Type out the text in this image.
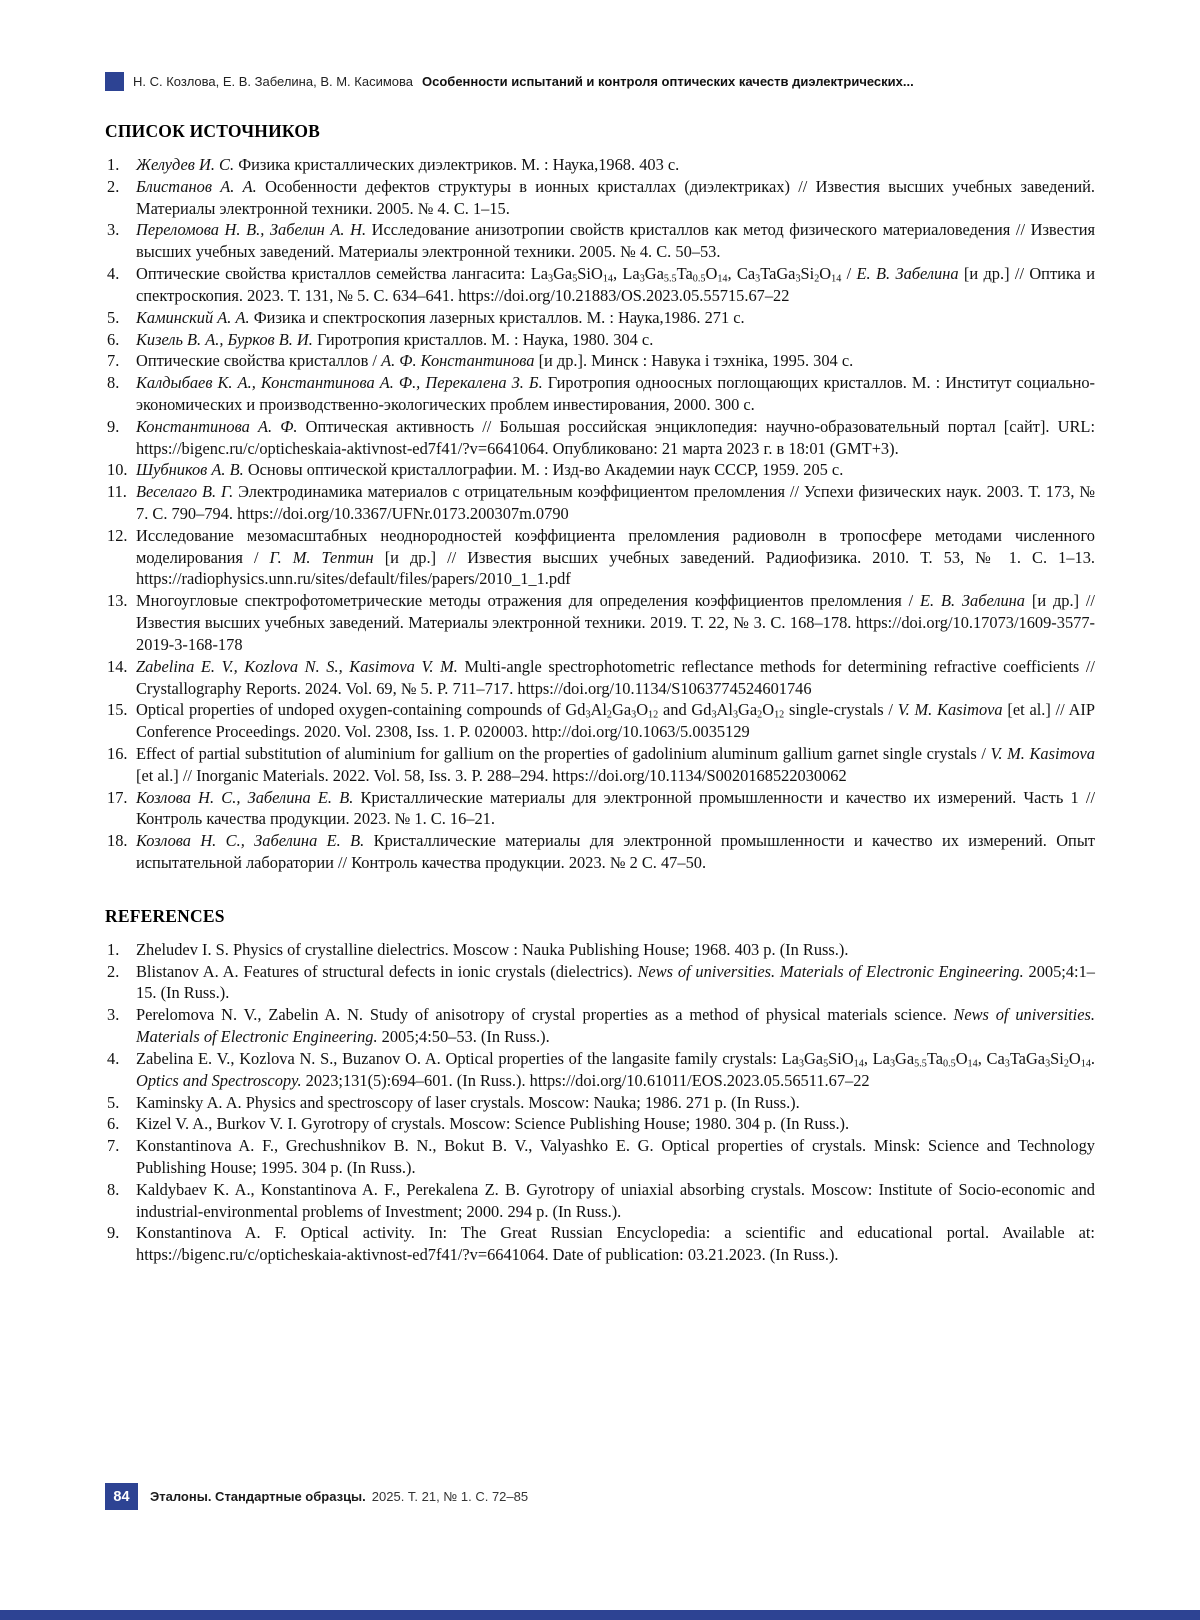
Н. С. Козлова, Е. В. Забелина, В. М. Касимова Особенности испытаний и контроля оптических качеств диэлектрических...
СПИСОК ИСТОЧНИКОВ
1. Желудев И. С. Физика кристаллических диэлектриков. М. : Наука,1968. 403 с.
2. Блистанов А. А. Особенности дефектов структуры в ионных кристаллах (диэлектриках) // Известия высших учебных заведений. Материалы электронной техники. 2005. № 4. С. 1–15.
3. Переломова Н. В., Забелин А. Н. Исследование анизотропии свойств кристаллов как метод физического материаловедения // Известия высших учебных заведений. Материалы электронной техники. 2005. № 4. С. 50–53.
4. Оптические свойства кристаллов семейства лангасита: $La_3Ga_5SiO_{14}$, $La_3Ga_{5.5}Ta_{0.5}O_{14}$, $Ca_3TaGa_3Si_2O_{14}$ / Е. В. Забелина [и др.] // Оптика и спектроскопия. 2023. Т. 131, № 5. С. 634–641. https://doi.org/10.21883/OS.2023.05.55715.67–22
5. Каминский А. А. Физика и спектроскопия лазерных кристаллов. М. : Наука,1986. 271 с.
6. Кизель В. А., Бурков В. И. Гиротропия кристаллов. М. : Наука, 1980. 304 с.
7. Оптические свойства кристаллов / А. Ф. Константинова [и др.]. Минск : Навука і тэхніка, 1995. 304 с.
8. Калдыбаев К. А., Константинова А. Ф., Перекалена З. Б. Гиротропия одноосных поглощающих кристаллов. М. : Институт социально-экономических и производственно-экологических проблем инвестирования, 2000. 300 с.
9. Константинова А. Ф. Оптическая активность // Большая российская энциклопедия: научно-образовательный портал [сайт]. URL: https://bigenc.ru/c/opticheskaia-aktivnost-ed7f41/?v=6641064. Опубликовано: 21 марта 2023 г. в 18:01 (GMT+3).
10. Шубников А. В. Основы оптической кристаллографии. М. : Изд-во Академии наук СССР, 1959. 205 с.
11. Веселаго В. Г. Электродинамика материалов с отрицательным коэффициентом преломления // Успехи физических наук. 2003. Т. 173, № 7. С. 790–794. https://doi.org/10.3367/UFNr.0173.200307m.0790
12. Исследование мезомасштабных неоднородностей коэффициента преломления радиоволн в тропосфере методами численного моделирования / Г. М. Тептин [и др.] // Известия высших учебных заведений. Радиофизика. 2010. Т. 53, № 1. С. 1–13. https://radiophysics.unn.ru/sites/default/files/papers/2010_1_1.pdf
13. Многоугловые спектрофотометрические методы отражения для определения коэффициентов преломления / Е. В. Забелина [и др.] // Известия высших учебных заведений. Материалы электронной техники. 2019. Т. 22, № 3. С. 168–178. https://doi.org/10.17073/1609-3577-2019-3-168-178
14. Zabelina E. V., Kozlova N. S., Kasimova V. M. Multi-angle spectrophotometric reflectance methods for determining refractive coefficients // Crystallography Reports. 2024. Vol. 69, № 5. P. 711–717. https://doi.org/10.1134/S1063774524601746
15. Optical properties of undoped oxygen-containing compounds of $Gd_3Al_2Ga_3O_{12}$ and $Gd_3Al_3Ga_2O_{12}$ single-crystals / V. M. Kasimova [et al.] // AIP Conference Proceedings. 2020. Vol. 2308, Iss. 1. P. 020003. http://doi.org/10.1063/5.0035129
16. Effect of partial substitution of aluminium for gallium on the properties of gadolinium aluminum gallium garnet single crystals / V. M. Kasimova [et al.] // Inorganic Materials. 2022. Vol. 58, Iss. 3. P. 288–294. https://doi.org/10.1134/S0020168522030062
17. Козлова Н. С., Забелина Е. В. Кристаллические материалы для электронной промышленности и качество их измерений. Часть 1 // Контроль качества продукции. 2023. № 1. С. 16–21.
18. Козлова Н. С., Забелина Е. В. Кристаллические материалы для электронной промышленности и качество их измерений. Опыт испытательной лаборатории // Контроль качества продукции. 2023. № 2 С. 47–50.
REFERENCES
1. Zheludev I. S. Physics of crystalline dielectrics. Moscow : Nauka Publishing House; 1968. 403 p. (In Russ.).
2. Blistanov A. A. Features of structural defects in ionic crystals (dielectrics). News of universities. Materials of Electronic Engineering. 2005;4:1–15. (In Russ.).
3. Perelomova N. V., Zabelin A. N. Study of anisotropy of crystal properties as a method of physical materials science. News of universities. Materials of Electronic Engineering. 2005;4:50–53. (In Russ.).
4. Zabelina E. V., Kozlova N. S., Buzanov O. A. Optical properties of the langasite family crystals: $La_3Ga_5SiO_{14}$, $La_3Ga_{5.5}Ta_{0.5}O_{14}$, $Ca_3TaGa_3Si_2O_{14}$. Optics and Spectroscopy. 2023;131(5):694–601. (In Russ.). https://doi.org/10.61011/EOS.2023.05.56511.67–22
5. Kaminsky A. A. Physics and spectroscopy of laser crystals. Moscow: Nauka; 1986. 271 p. (In Russ.).
6. Kizel V. A., Burkov V. I. Gyrotropy of crystals. Moscow: Science Publishing House; 1980. 304 p. (In Russ.).
7. Konstantinova A. F., Grechushnikov B. N., Bokut B. V., Valyashko E. G. Optical properties of crystals. Minsk: Science and Technology Publishing House; 1995. 304 p. (In Russ.).
8. Kaldybaev K. A., Konstantinova A. F., Perekalena Z. B. Gyrotropy of uniaxial absorbing crystals. Moscow: Institute of Socio-economic and industrial-environmental problems of Investment; 2000. 294 p. (In Russ.).
9. Konstantinova A. F. Optical activity. In: The Great Russian Encyclopedia: a scientific and educational portal. Available at: https://bigenc.ru/c/opticheskaia-aktivnost-ed7f41/?v=6641064. Date of publication: 03.21.2023. (In Russ.).
84	Эталоны. Стандартные образцы. 2025. Т. 21, № 1. С. 72–85
